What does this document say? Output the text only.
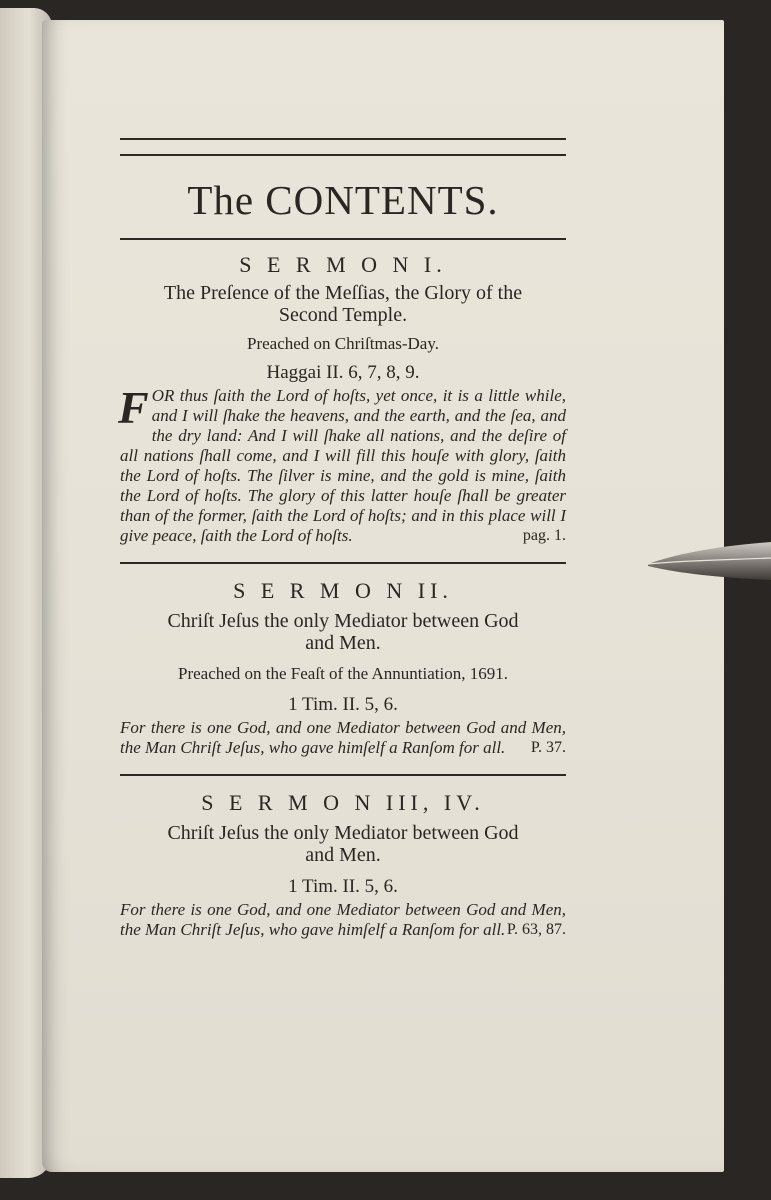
The CONTENTS.
S E R M O N I.
The Preſence of the Meſſias, the Glory of the
Second Temple.
Preached on Chriſtmas-Day.
Haggai II. 6, 7, 8, 9.
FOR thus ſaith the Lord of hoſts, yet once, it is a little while, and I will ſhake the heavens, and the earth, and the ſea, and the dry land: And I will ſhake all nations, and the deſire of all nations ſhall come, and I will fill this houſe with glory, ſaith the Lord of hoſts. The ſilver is mine, and the gold is mine, ſaith the Lord of hoſts. The glory of this latter houſe ſhall be greater than of the former, ſaith the Lord of hoſts; and in this place will I give peace, ſaith the Lord of hoſts.	pag. 1.
S E R M O N II.
Chriſt Jeſus the only Mediator between God
and Men.
Preached on the Feaſt of the Annuntiation, 1691.
1 Tim. II. 5, 6.
For there is one God, and one Mediator between God and Men, the Man Chriſt Jeſus, who gave himſelf a Ranſom for all. P. 37.
S E R M O N III, IV.
Chriſt Jeſus the only Mediator between God
and Men.
1 Tim. II. 5, 6.
For there is one God, and one Mediator between God and Men, the Man Chriſt Jeſus, who gave himſelf a Ranſom for all. P. 63, 87.
